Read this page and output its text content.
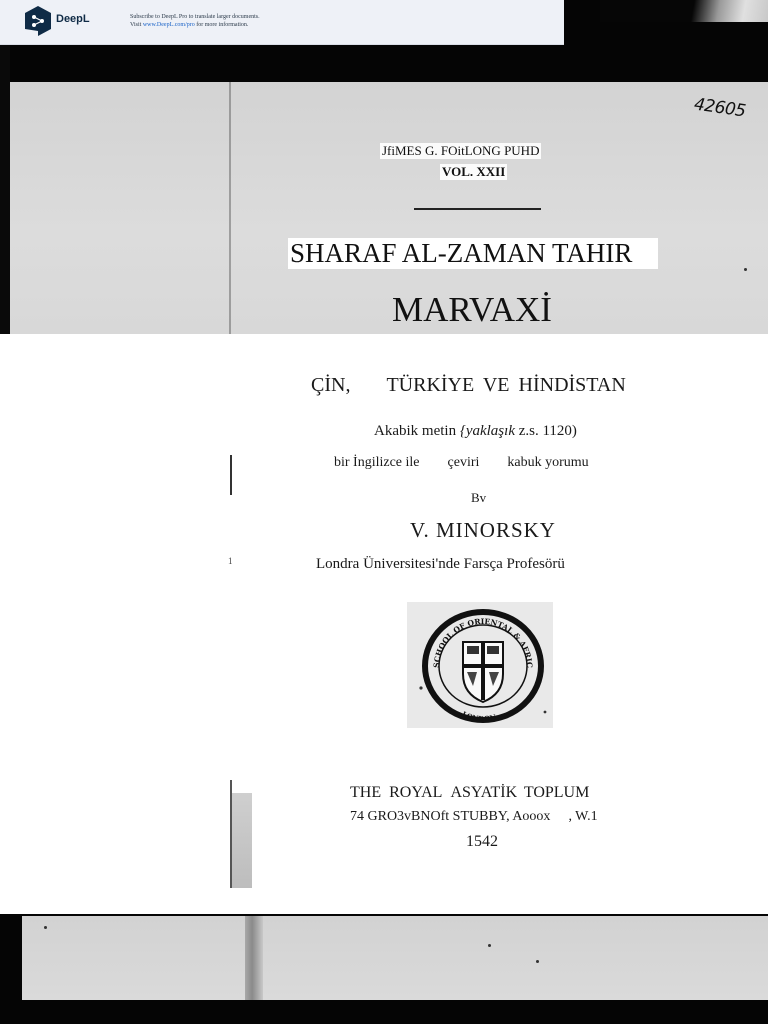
DeepL	Subscribe to DeepL Pro to translate larger documents.
Visit www.DeepL.com/pro for more information.
42605
JfiMES G. FOitLONG PUHD
VOL. XXII
SHARAF AL-ZAMAN TAHIR
MARVAXİ
ÇİN, TÜRKİYE VE HİNDİSTAN
Akabik metin {yaklaşık z.s. 1120)
bir İngilizce ile çeviri kabuk yorumu
Bv
V. MINORSKY
Londra Üniversitesi'nde Farsça Profesörü
1
SCHOOL OF ORIENTAL & AFRIC
LONDON
THE ROYAL ASYATİK TOPLUM
74 GRO3vBNOft STUBBY, Aooox , W.1
1542
